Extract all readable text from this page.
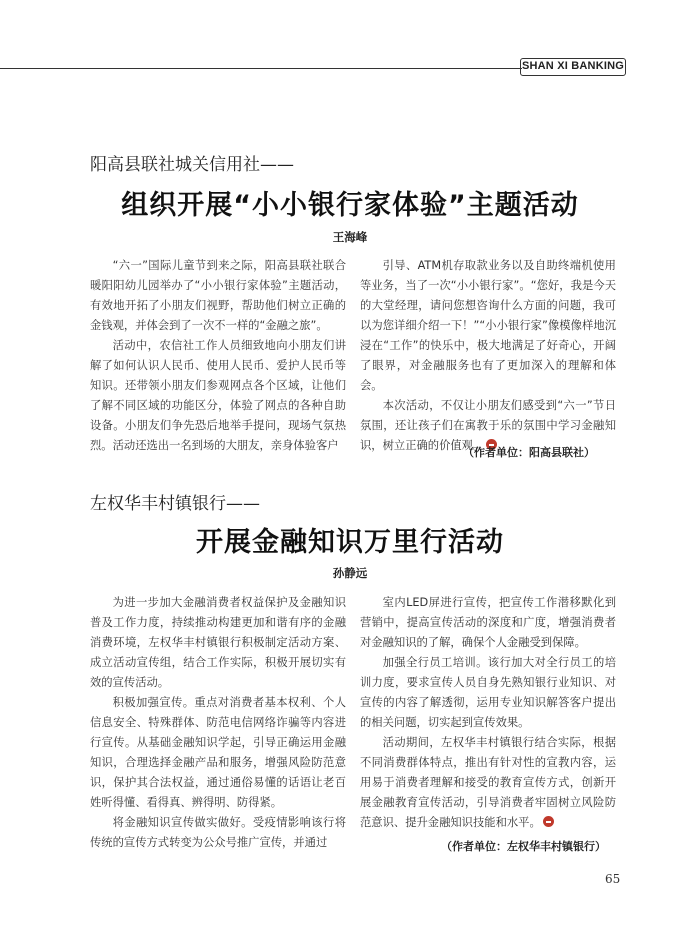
SHAN XI BANKING
阳高县联社城关信用社——
组织开展“小小银行家体验”主题活动
王海峰

“六一”国际儿童节到来之际，阳高县联社联合暖阳阳幼儿园举办了“小小银行家体验”主题活动，有效地开拓了小朋友们视野，帮助他们树立正确的金钱观，并体会到了一次不一样的“金融之旅”。

活动中，农信社工作人员细致地向小朋友们讲解了如何认识人民币、使用人民币、爱护人民币等知识。还带领小朋友们参观网点各个区域，让他们了解不同区域的功能区分，体验了网点的各种自助设备。小朋友们争先恐后地举手提问，现场气氛热烈。活动还选出一名到场的大朋友，亲身体验客户

引导、ATM机存取款业务以及自助终端机使用等业务，当了一次“小小银行家”。“您好，我是今天的大堂经理，请问您想咨询什么方面的问题，我可以为您详细介绍一下！”“小小银行家”像模像样地沉浸在“工作”的快乐中，极大地满足了好奇心，开阔了眼界，对金融服务也有了更加深入的理解和体会。

本次活动，不仅让小朋友们感受到“六一”节日氛围，还让孩子们在寓教于乐的氛围中学习金融知识，树立正确的价值观。

（作者单位：阳高县联社）
左权华丰村镇银行——
开展金融知识万里行活动
孙静远

为进一步加大金融消费者权益保护及金融知识普及工作力度，持续推动构建更加和谐有序的金融消费环境，左权华丰村镇银行积极制定活动方案、成立活动宣传组，结合工作实际，积极开展切实有效的宣传活动。

积极加强宣传。重点对消费者基本权利、个人信息安全、特殊群体、防范电信网络诈骗等内容进行宣传。从基础金融知识学起，引导正确运用金融知识，合理选择金融产品和服务，增强风险防范意识，保护其合法权益，通过通俗易懂的话语让老百姓听得懂、看得真、辨得明、防得紧。

将金融知识宣传做实做好。受疫情影响该行将传统的宣传方式转变为公众号推广宣传，并通过

室内LED屏进行宣传，把宣传工作潜移默化到营销中，提高宣传活动的深度和广度，增强消费者对金融知识的了解，确保个人金融受到保障。

加强全行员工培训。该行加大对全行员工的培训力度，要求宣传人员自身先熟知银行业知识、对宣传的内容了解透彻，运用专业知识解答客户提出的相关问题，切实起到宣传效果。

活动期间，左权华丰村镇银行结合实际，根据不同消费群体特点，推出有针对性的宣教内容，运用易于消费者理解和接受的教育宣传方式，创新开展金融教育宣传活动，引导消费者牢固树立风险防范意识、提升金融知识技能和水平。

（作者单位：左权华丰村镇银行）
65
